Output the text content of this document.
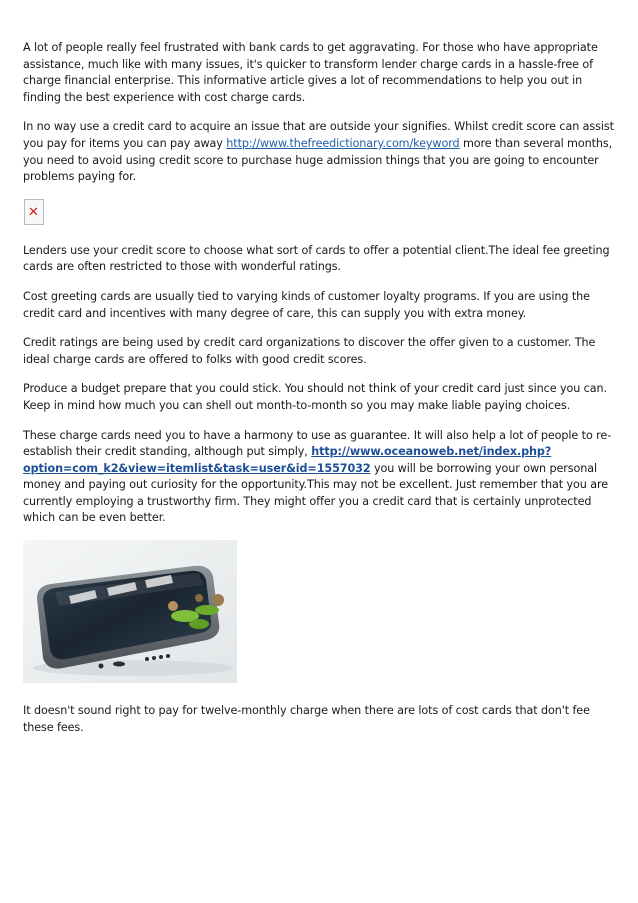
A lot of people really feel frustrated with bank cards to get aggravating. For those who have appropriate assistance, much like with many issues, it's quicker to transform lender charge cards in a hassle-free of charge financial enterprise. This informative article gives a lot of recommendations to help you out in finding the best experience with cost charge cards.

In no way use a credit card to acquire an issue that are outside your signifies. Whilst credit score can assist you pay for items you can pay away http://www.thefreedictionary.com/keyword more than several months, you need to avoid using credit score to purchase huge admission things that you are going to encounter problems paying for.

✕

Lenders use your credit score to choose what sort of cards to offer a potential client.The ideal fee greeting cards are often restricted to those with wonderful ratings.

Cost greeting cards are usually tied to varying kinds of customer loyalty programs. If you are using the credit card and incentives with many degree of care, this can supply you with extra money.

Credit ratings are being used by credit card organizations to discover the offer given to a customer. The ideal charge cards are offered to folks with good credit scores.

Produce a budget prepare that you could stick. You should not think of your credit card just since you can. Keep in mind how much you can shell out month-to-month so you may make liable paying choices.

These charge cards need you to have a harmony to use as guarantee. It will also help a lot of people to re-establish their credit standing, although put simply, http://www.oceanoweb.net/index.php?option=com_k2&view=itemlist&task=user&id=1557032 you will be borrowing your own personal money and paying out curiosity for the opportunity.This may not be excellent. Just remember that you are currently employing a trustworthy firm. They might offer you a credit card that is certainly unprotected which can be even better.

It doesn't sound right to pay for twelve-monthly charge when there are lots of cost cards that don't fee these fees.
